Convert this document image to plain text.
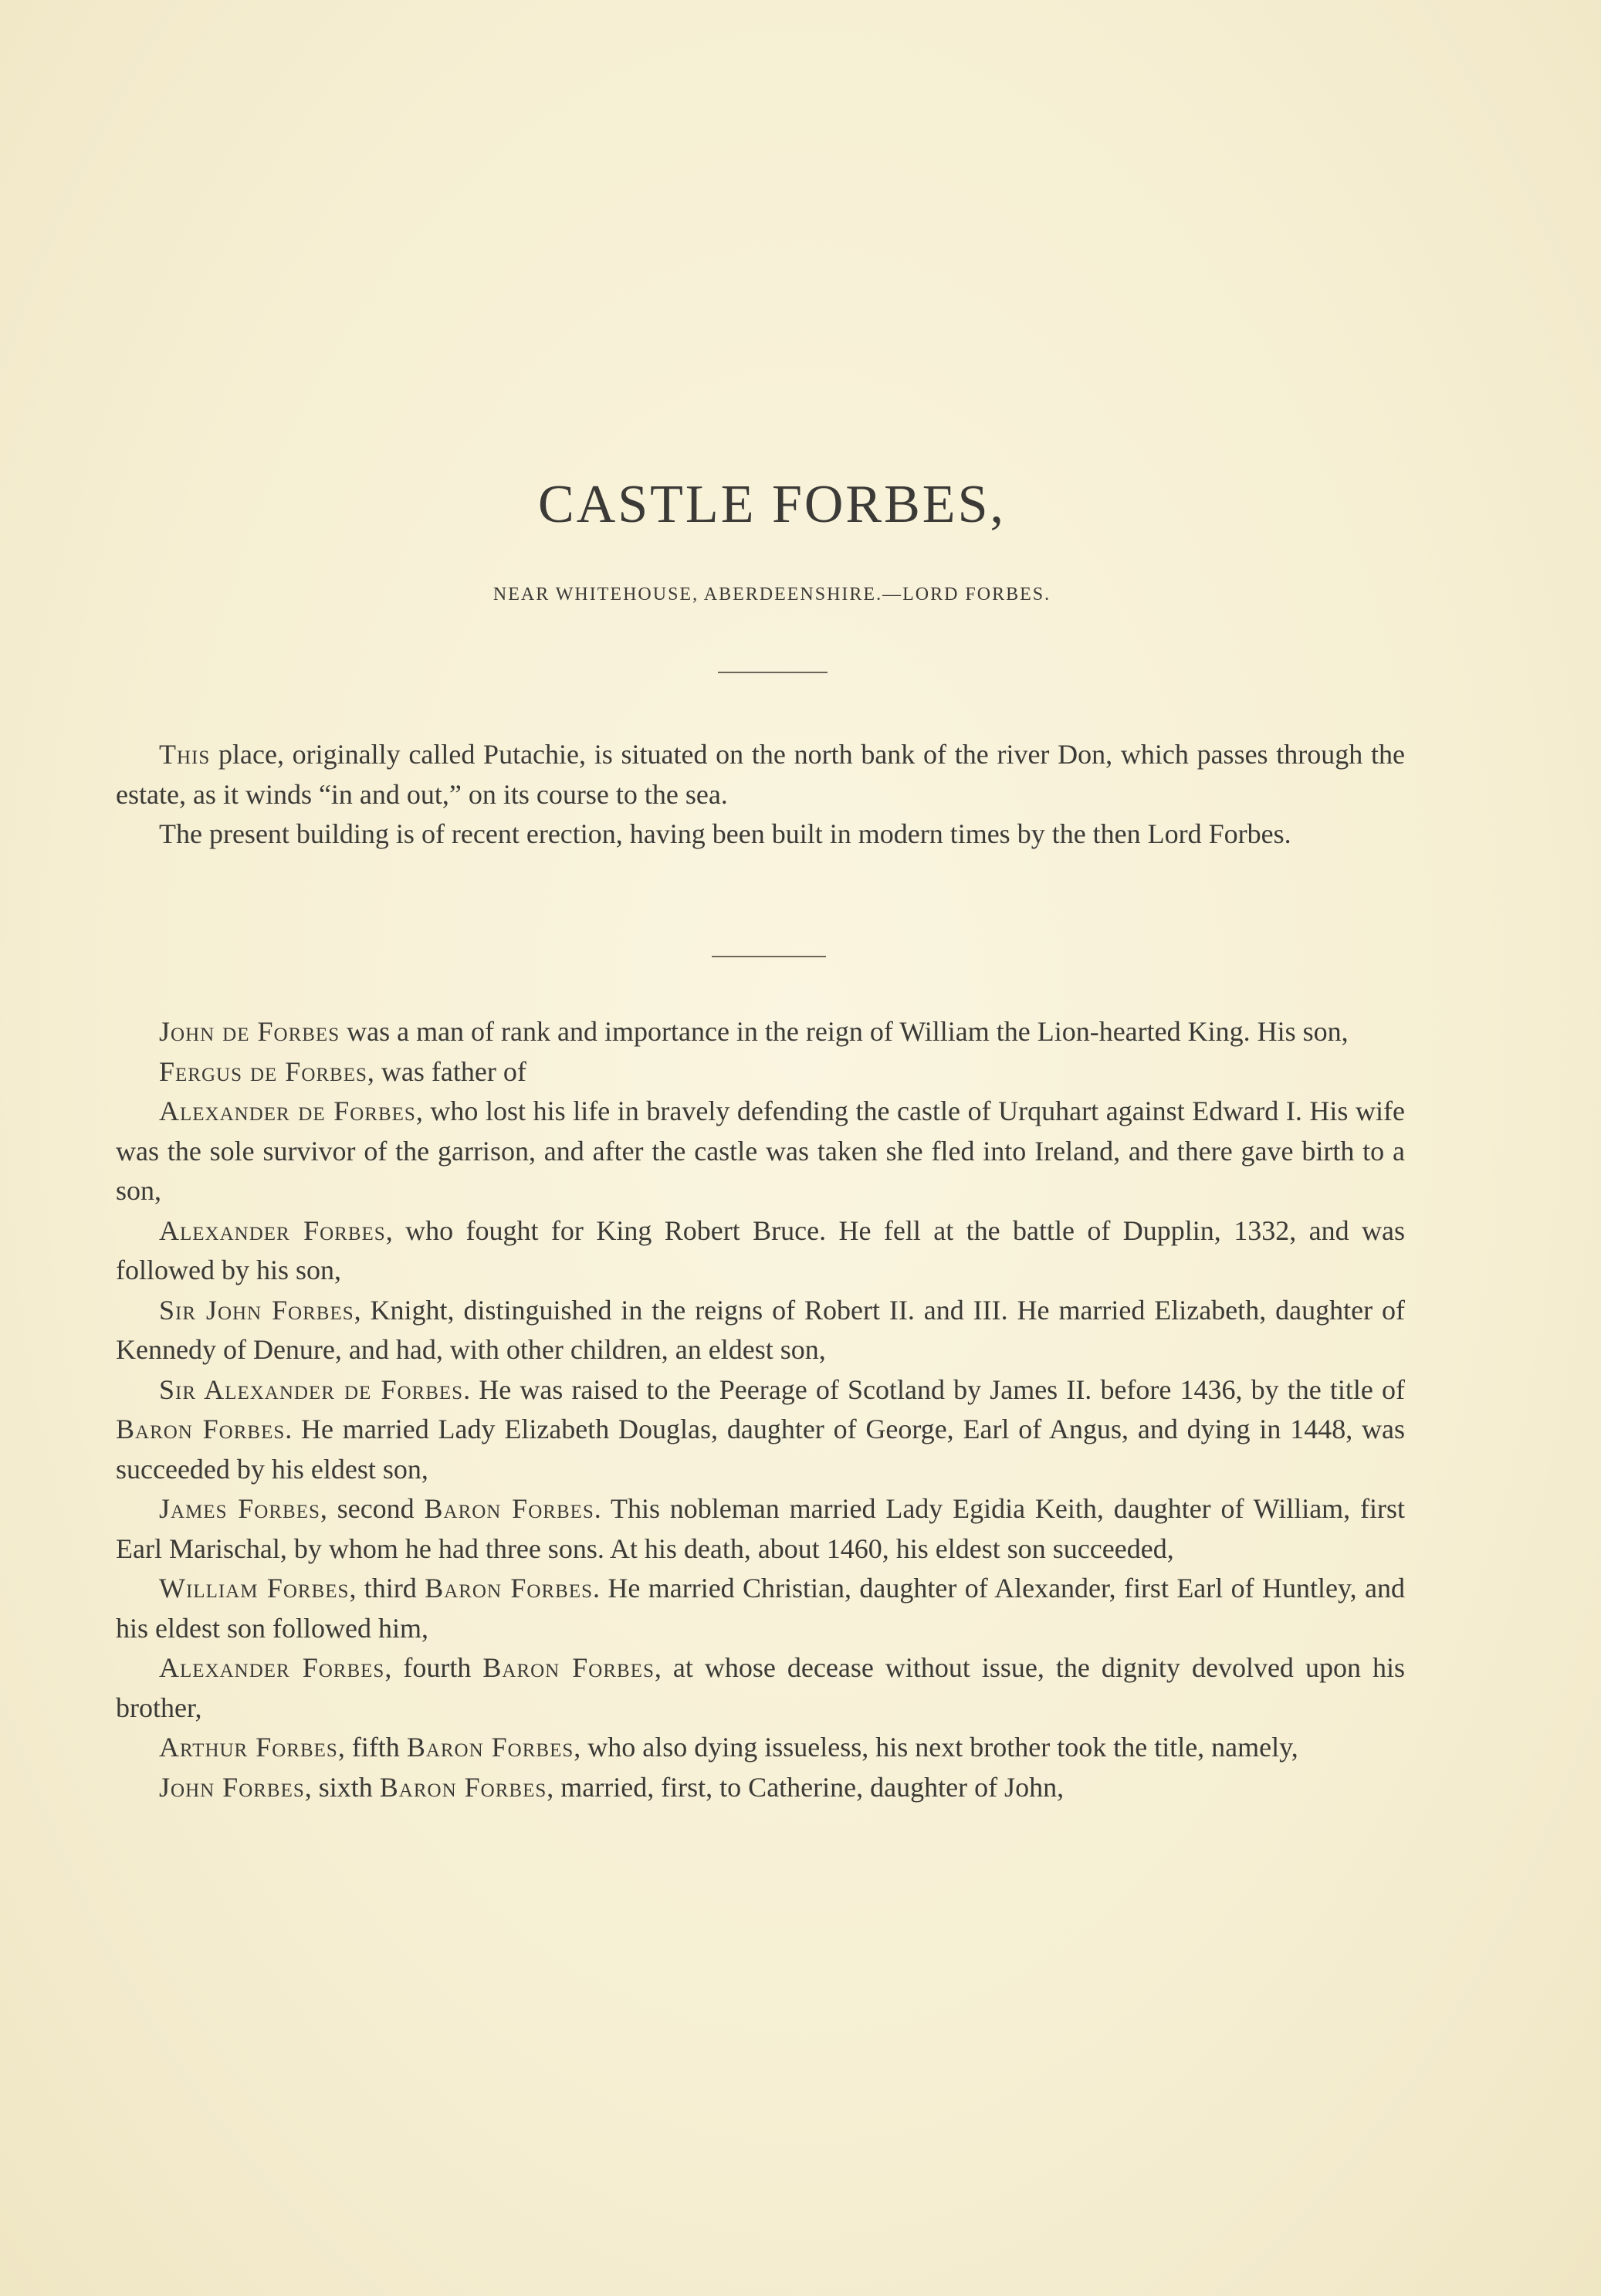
CASTLE FORBES,
NEAR WHITEHOUSE, ABERDEENSHIRE.—LORD FORBES.

This place, originally called Putachie, is situated on the north bank of the river Don, which passes through the estate, as it winds “in and out,” on its course to the sea.

The present building is of recent erection, having been built in modern times by the then Lord Forbes.

John de Forbes was a man of rank and importance in the reign of William the Lion-hearted King. His son,

Fergus de Forbes, was father of

Alexander de Forbes, who lost his life in bravely defending the castle of Urquhart against Edward I. His wife was the sole survivor of the garrison, and after the castle was taken she fled into Ireland, and there gave birth to a son,

Alexander Forbes, who fought for King Robert Bruce. He fell at the battle of Dupplin, 1332, and was followed by his son,

Sir John Forbes, Knight, distinguished in the reigns of Robert II. and III. He married Elizabeth, daughter of Kennedy of Denure, and had, with other children, an eldest son,

Sir Alexander de Forbes. He was raised to the Peerage of Scotland by James II. before 1436, by the title of Baron Forbes. He married Lady Elizabeth Douglas, daughter of George, Earl of Angus, and dying in 1448, was succeeded by his eldest son,

James Forbes, second Baron Forbes. This nobleman married Lady Egidia Keith, daughter of William, first Earl Marischal, by whom he had three sons. At his death, about 1460, his eldest son succeeded,

William Forbes, third Baron Forbes. He married Christian, daughter of Alexander, first Earl of Huntley, and his eldest son followed him,

Alexander Forbes, fourth Baron Forbes, at whose decease without issue, the dignity devolved upon his brother,

Arthur Forbes, fifth Baron Forbes, who also dying issueless, his next brother took the title, namely,

John Forbes, sixth Baron Forbes, married, first, to Catherine, daughter of John,
